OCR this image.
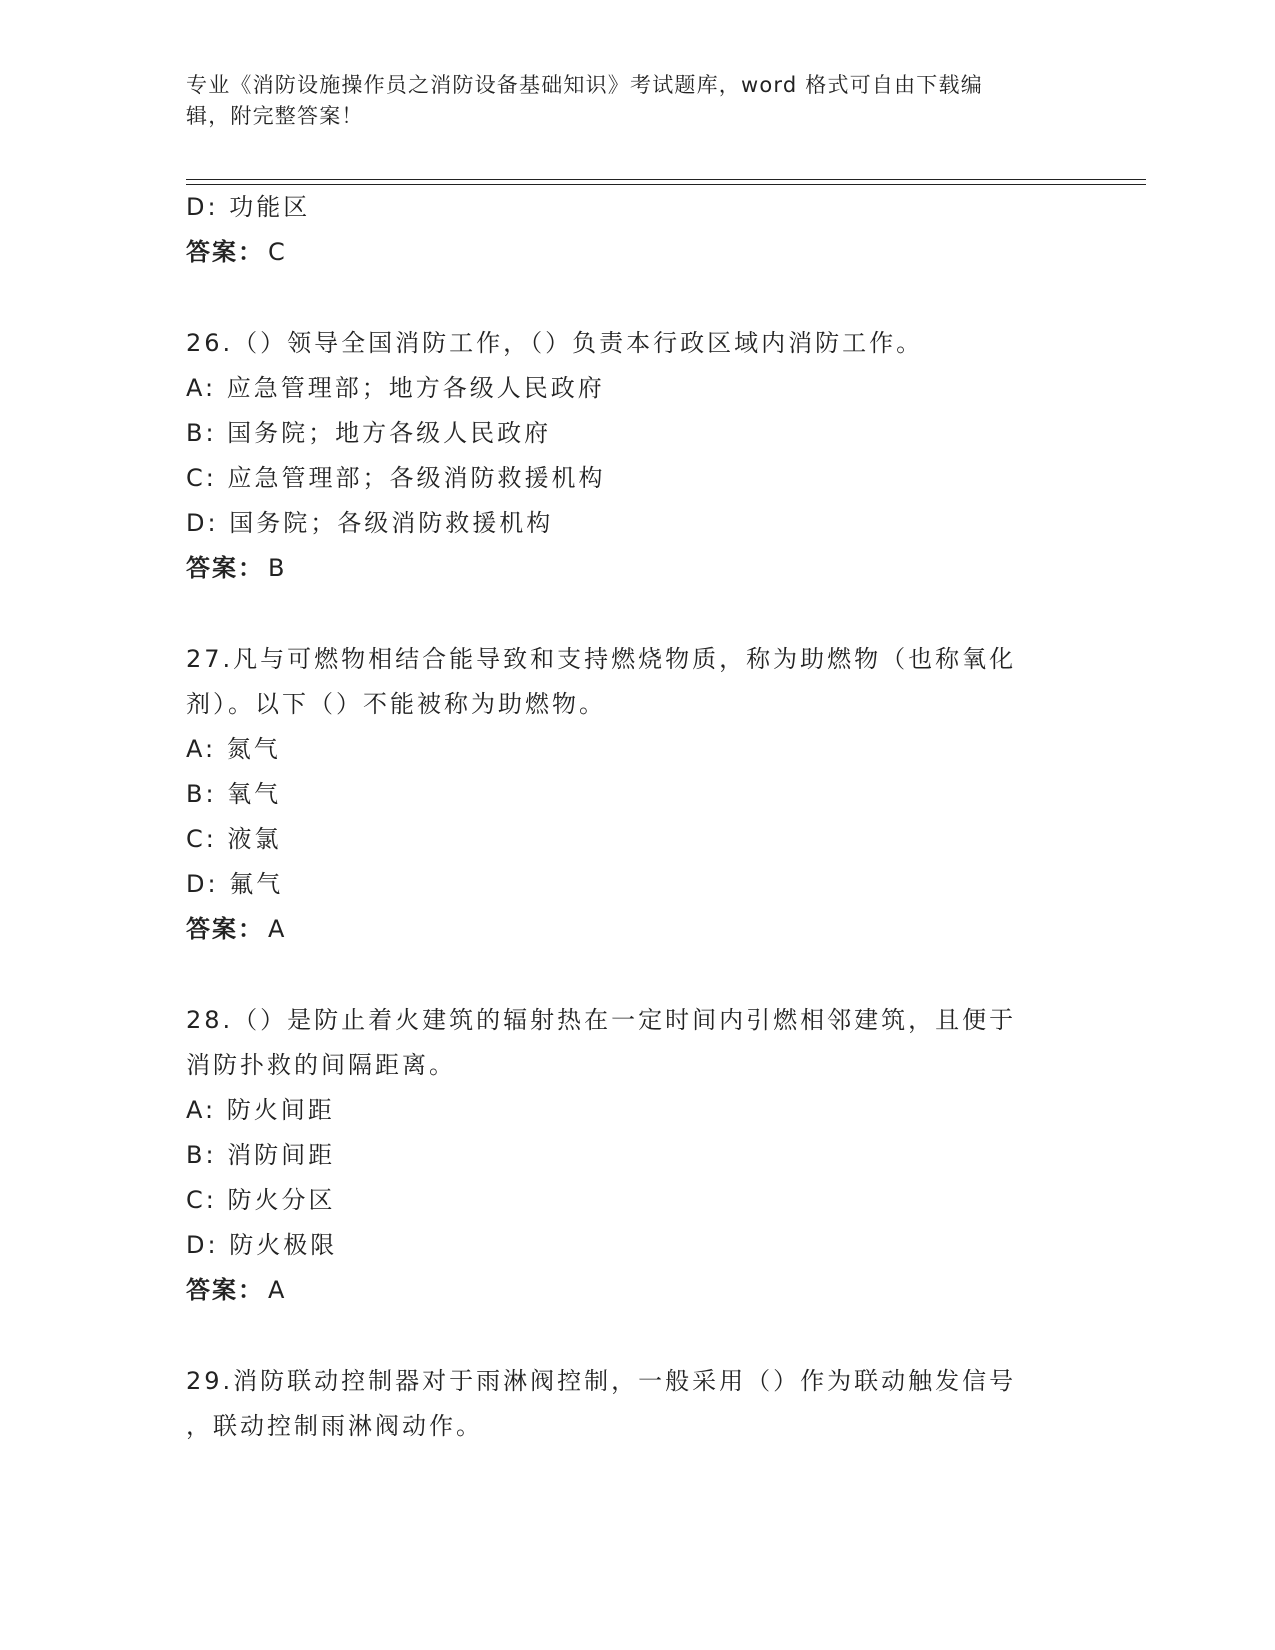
专业《消防设施操作员之消防设备基础知识》考试题库，word 格式可自由下载编
辑，附完整答案！
D: 功能区
答案： C
26.（）领导全国消防工作，（）负责本行政区域内消防工作。
A: 应急管理部；地方各级人民政府
B: 国务院；地方各级人民政府
C: 应急管理部；各级消防救援机构
D: 国务院；各级消防救援机构
答案： B
27.凡与可燃物相结合能导致和支持燃烧物质，称为助燃物（也称氧化
剂）。以下（）不能被称为助燃物。
A: 氮气
B: 氧气
C: 液氯
D: 氟气
答案： A
28.（）是防止着火建筑的辐射热在一定时间内引燃相邻建筑，且便于
消防扑救的间隔距离。
A: 防火间距
B: 消防间距
C: 防火分区
D: 防火极限
答案： A
29.消防联动控制器对于雨淋阀控制，一般采用（）作为联动触发信号
，联动控制雨淋阀动作。
